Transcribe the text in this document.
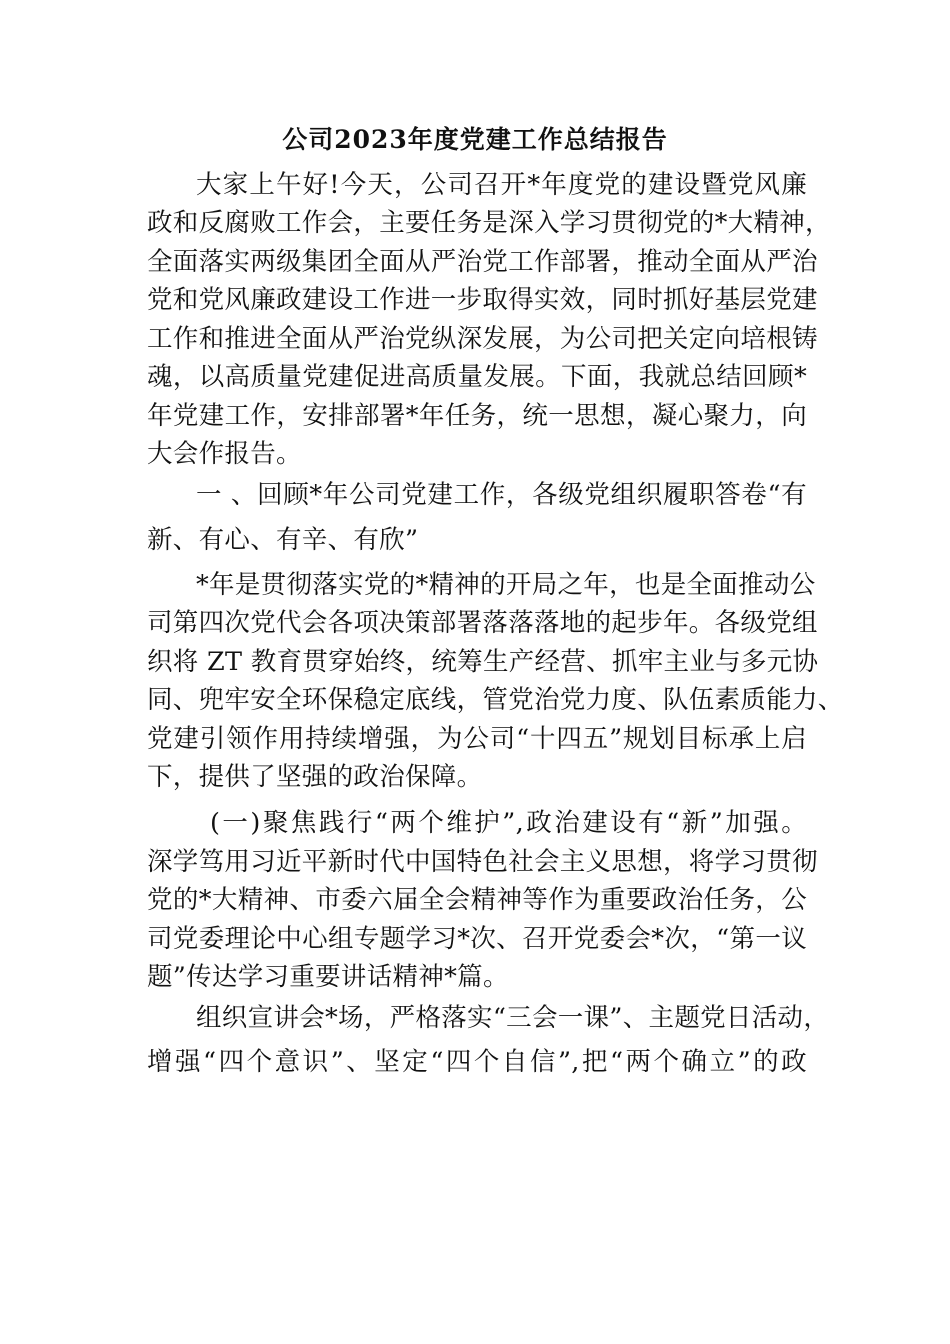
公司2023年度党建工作总结报告
大家上午好!今天，公司召开*年度党的建设暨党风廉
政和反腐败工作会，主要任务是深入学习贯彻党的*大精神，
全面落实两级集团全面从严治党工作部署，推动全面从严治
党和党风廉政建设工作进一步取得实效，同时抓好基层党建
工作和推进全面从严治党纵深发展，为公司把关定向培根铸
魂，以高质量党建促进高质量发展。下面，我就总结回顾*
年党建工作，安排部署*年任务，统一思想，凝心聚力，向
大会作报告。
一 、回顾*年公司党建工作，各级党组织履职答卷“有
新、有心、有辛、有欣”
*年是贯彻落实党的*精神的开局之年，也是全面推动公
司第四次党代会各项决策部署落落落地的起步年。各级党组
织将 ZT 教育贯穿始终，统筹生产经营、抓牢主业与多元协
同、兜牢安全环保稳定底线，管党治党力度、队伍素质能力、
党建引领作用持续增强，为公司“十四五”规划目标承上启
下，提供了坚强的政治保障。
(一)聚焦践行“两个维护”,政治建设有“新”加强。
深学笃用习近平新时代中国特色社会主义思想，将学习贯彻
党的*大精神、市委六届全会精神等作为重要政治任务，公
司党委理论中心组专题学习*次、召开党委会*次，“第一议
题”传达学习重要讲话精神*篇。
组织宣讲会*场，严格落实“三会一课”、主题党日活动，
增强“四个意识”、坚定“四个自信”,把“两个确立”的政
